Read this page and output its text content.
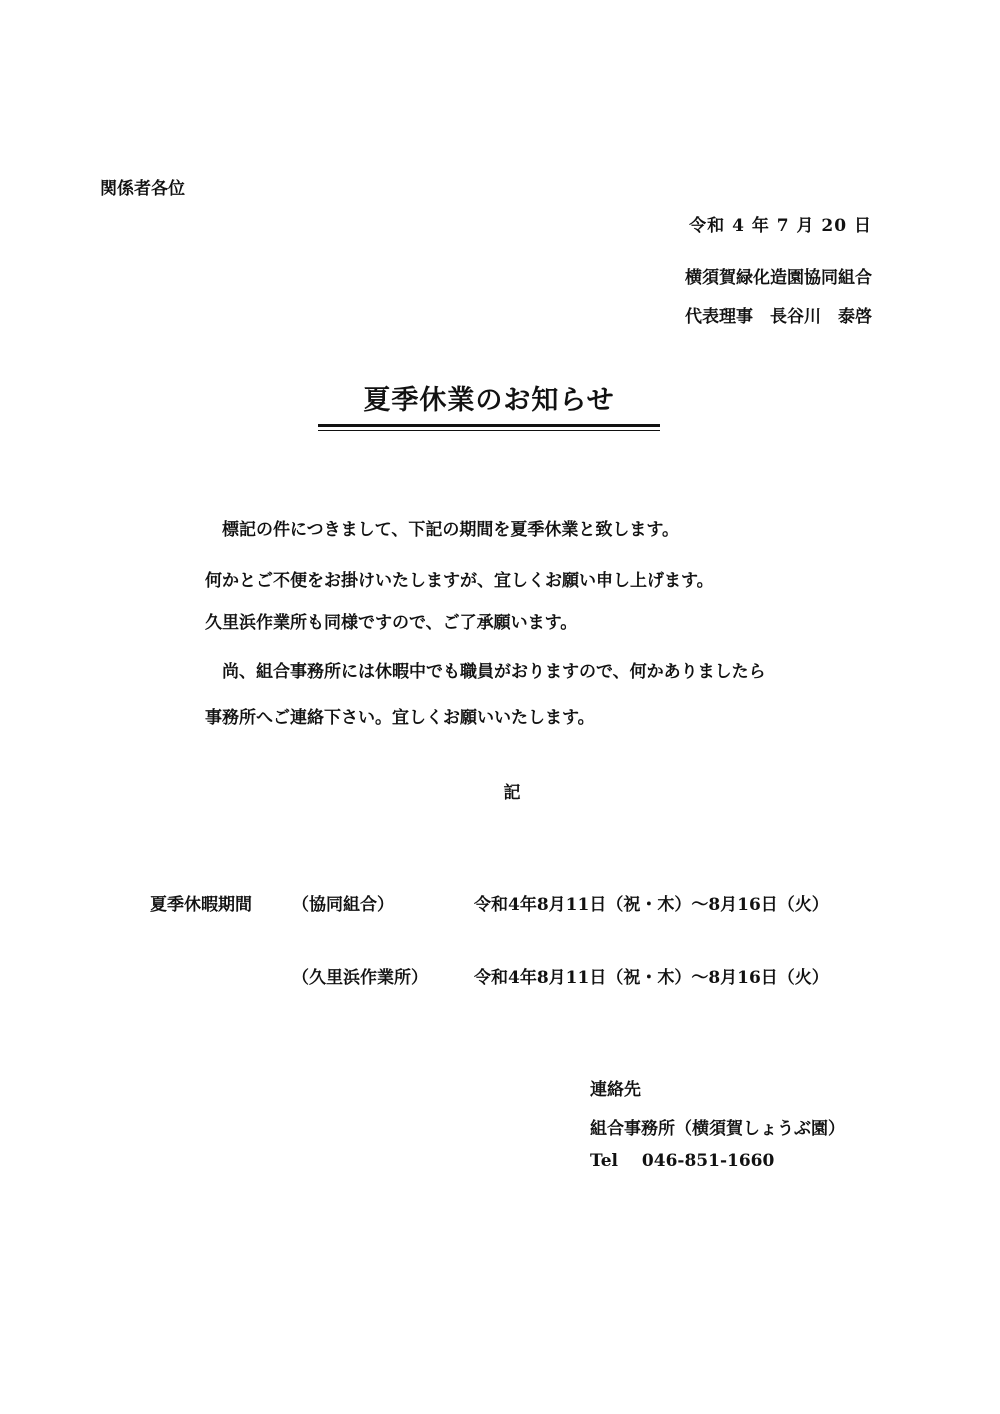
関係者各位
令和 4 年 7 月 20 日
横須賀緑化造園協同組合
代表理事　長谷川　泰啓
夏季休業のお知らせ
標記の件につきまして、下記の期間を夏季休業と致します。
何かとご不便をお掛けいたしますが、宜しくお願い申し上げます。
久里浜作業所も同様ですので、ご了承願います。
尚、組合事務所には休暇中でも職員がおりますので、何かありましたら
事務所へご連絡下さい。宜しくお願いいたします。
記
夏季休暇期間 （協同組合）	令和4年8月11日（祝・木）～8月16日（火）
（久里浜作業所）	令和4年8月11日（祝・木）～8月16日（火）
連絡先
組合事務所（横須賀しょうぶ園）
Tel 046-851-1660
